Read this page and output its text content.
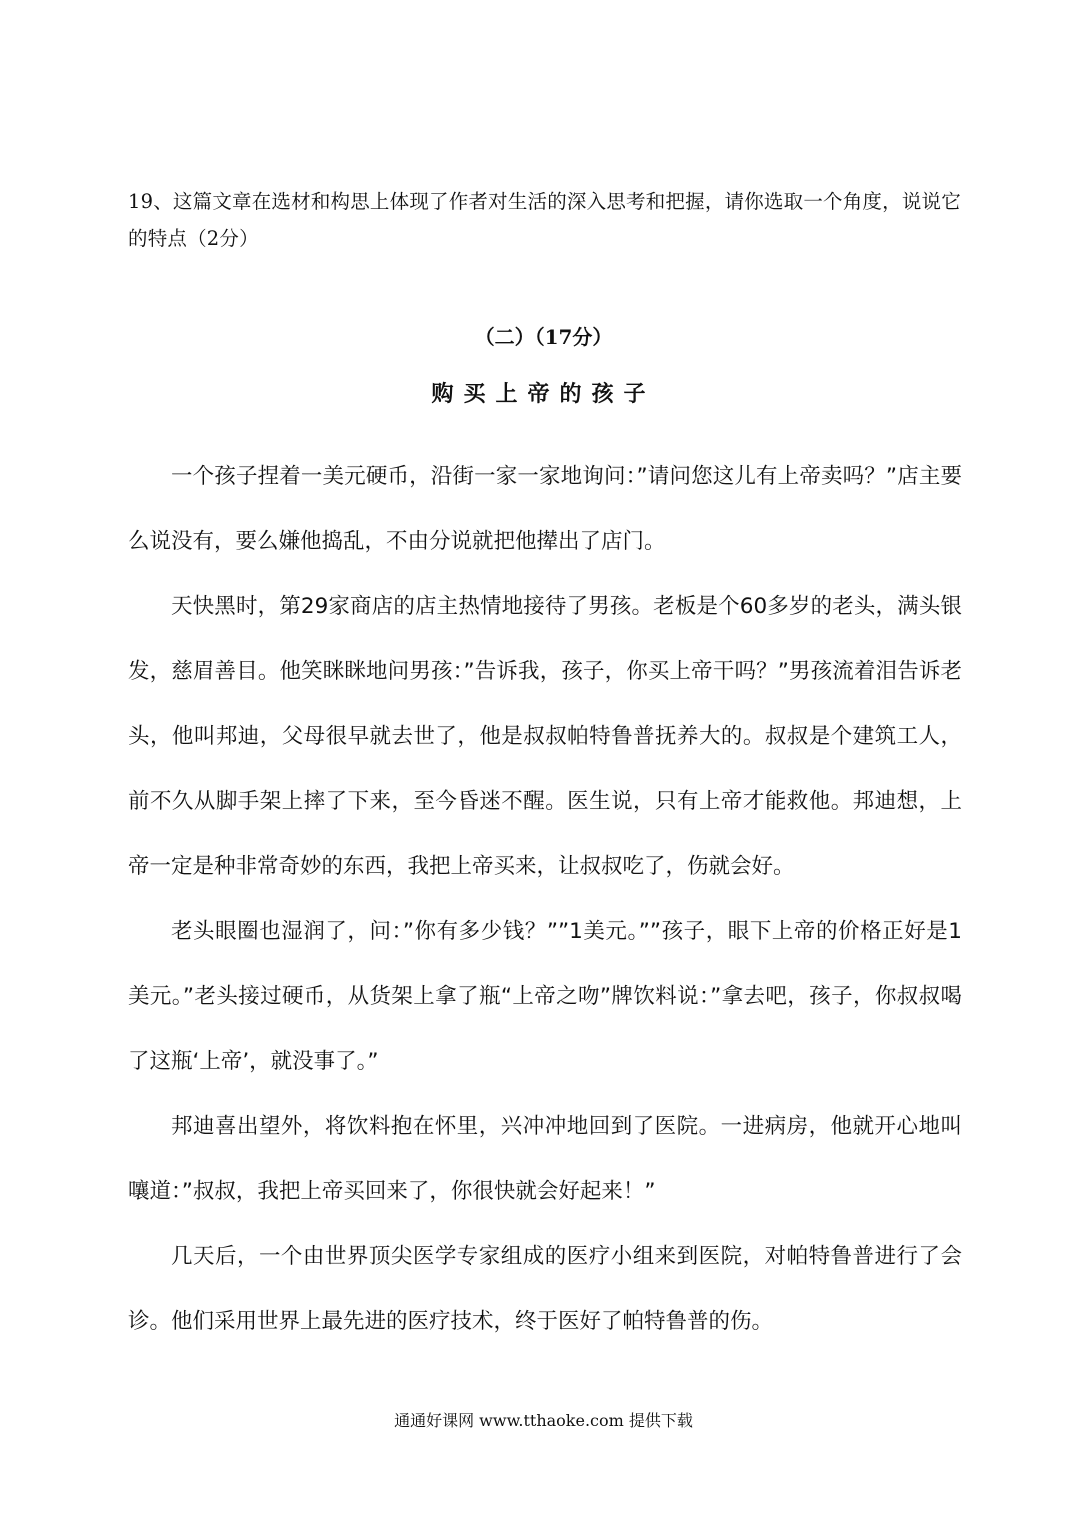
19、这篇文章在选材和构思上体现了作者对生活的深入思考和把握，请你选取一个角度，说说它的特点（2分）
（二）（17分）
购买上帝的孩子

一个孩子捏着一美元硬币，沿街一家一家地询问：”请问您这儿有上帝卖吗？”店主要么说没有，要么嫌他捣乱，不由分说就把他撵出了店门。

天快黑时，第29家商店的店主热情地接待了男孩。老板是个60多岁的老头，满头银发，慈眉善目。他笑眯眯地问男孩：”告诉我，孩子，你买上帝干吗？”男孩流着泪告诉老头，他叫邦迪，父母很早就去世了，他是叔叔帕特鲁普抚养大的。叔叔是个建筑工人，前不久从脚手架上摔了下来，至今昏迷不醒。医生说，只有上帝才能救他。邦迪想，上帝一定是种非常奇妙的东西，我把上帝买来，让叔叔吃了，伤就会好。

老头眼圈也湿润了，问：”你有多少钱？””1美元。””孩子，眼下上帝的价格正好是1美元。”老头接过硬币，从货架上拿了瓶“上帝之吻”牌饮料说：”拿去吧，孩子，你叔叔喝了这瓶‘上帝’，就没事了。”

邦迪喜出望外，将饮料抱在怀里，兴冲冲地回到了医院。一进病房，他就开心地叫嚷道：”叔叔，我把上帝买回来了，你很快就会好起来！”

几天后，一个由世界顶尖医学专家组成的医疗小组来到医院，对帕特鲁普进行了会诊。他们采用世界上最先进的医疗技术，终于医好了帕特鲁普的伤。

通通好课网 www.tthaoke.com 提供下载
